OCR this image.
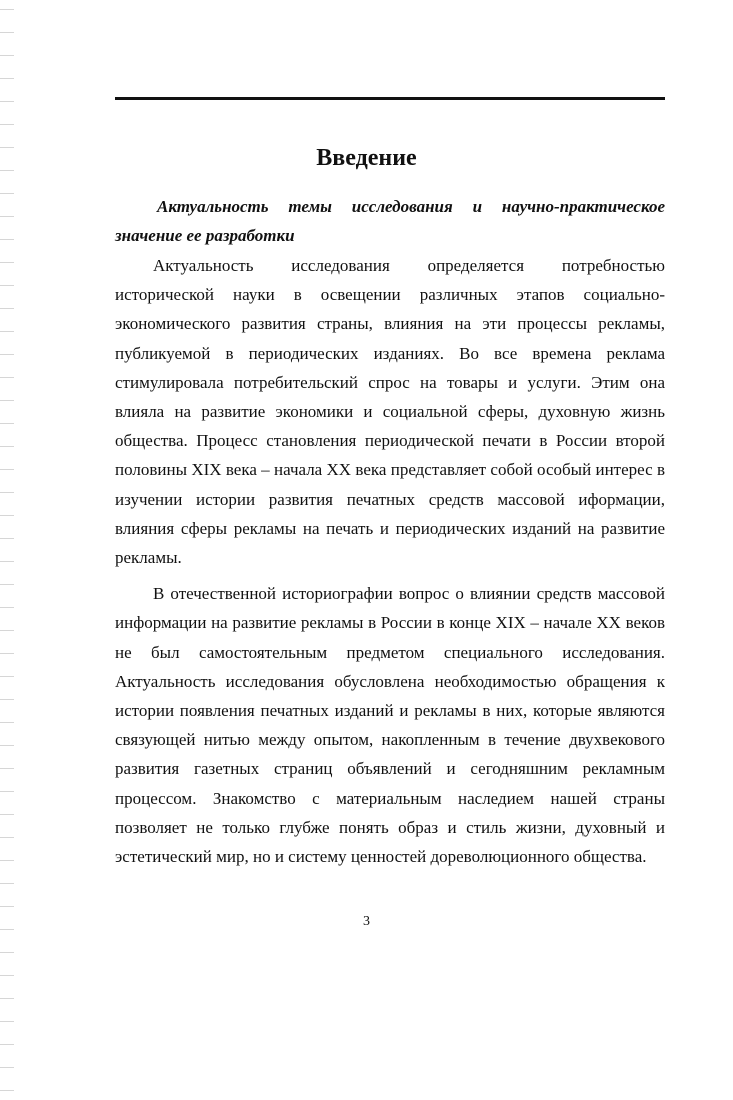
Введение
Актуальность темы исследования и научно-практическое
значение ее разработки

Актуальность исследования определяется потребностью исторической науки в освещении различных этапов социально-экономического развития страны, влияния на эти процессы рекламы, публикуемой в периодических изданиях. Во все времена реклама стимулировала потребительский спрос на товары и услуги. Этим она влияла на развитие экономики и социальной сферы, духовную жизнь общества. Процесс становления периодической печати в России второй половины XIX века – начала XX века представляет собой особый интерес в изучении истории развития печатных средств массовой иформации, влияния сферы рекламы на печать и периодических изданий на развитие рекламы.

В отечественной историографии вопрос о влиянии средств массовой информации на развитие рекламы в России в конце XIX – начале XX веков не был самостоятельным предметом специального исследования. Актуальность исследования обусловлена необходимостью обращения к истории появления печатных изданий и рекламы в них, которые являются связующей нитью между опытом, накопленным в течение двухвекового развития газетных страниц объявлений и сегодняшним рекламным процессом. Знакомство с материальным наследием нашей страны позволяет не только глубже понять образ и стиль жизни, духовный и эстетический мир, но и систему ценностей дореволюционного общества.

3
